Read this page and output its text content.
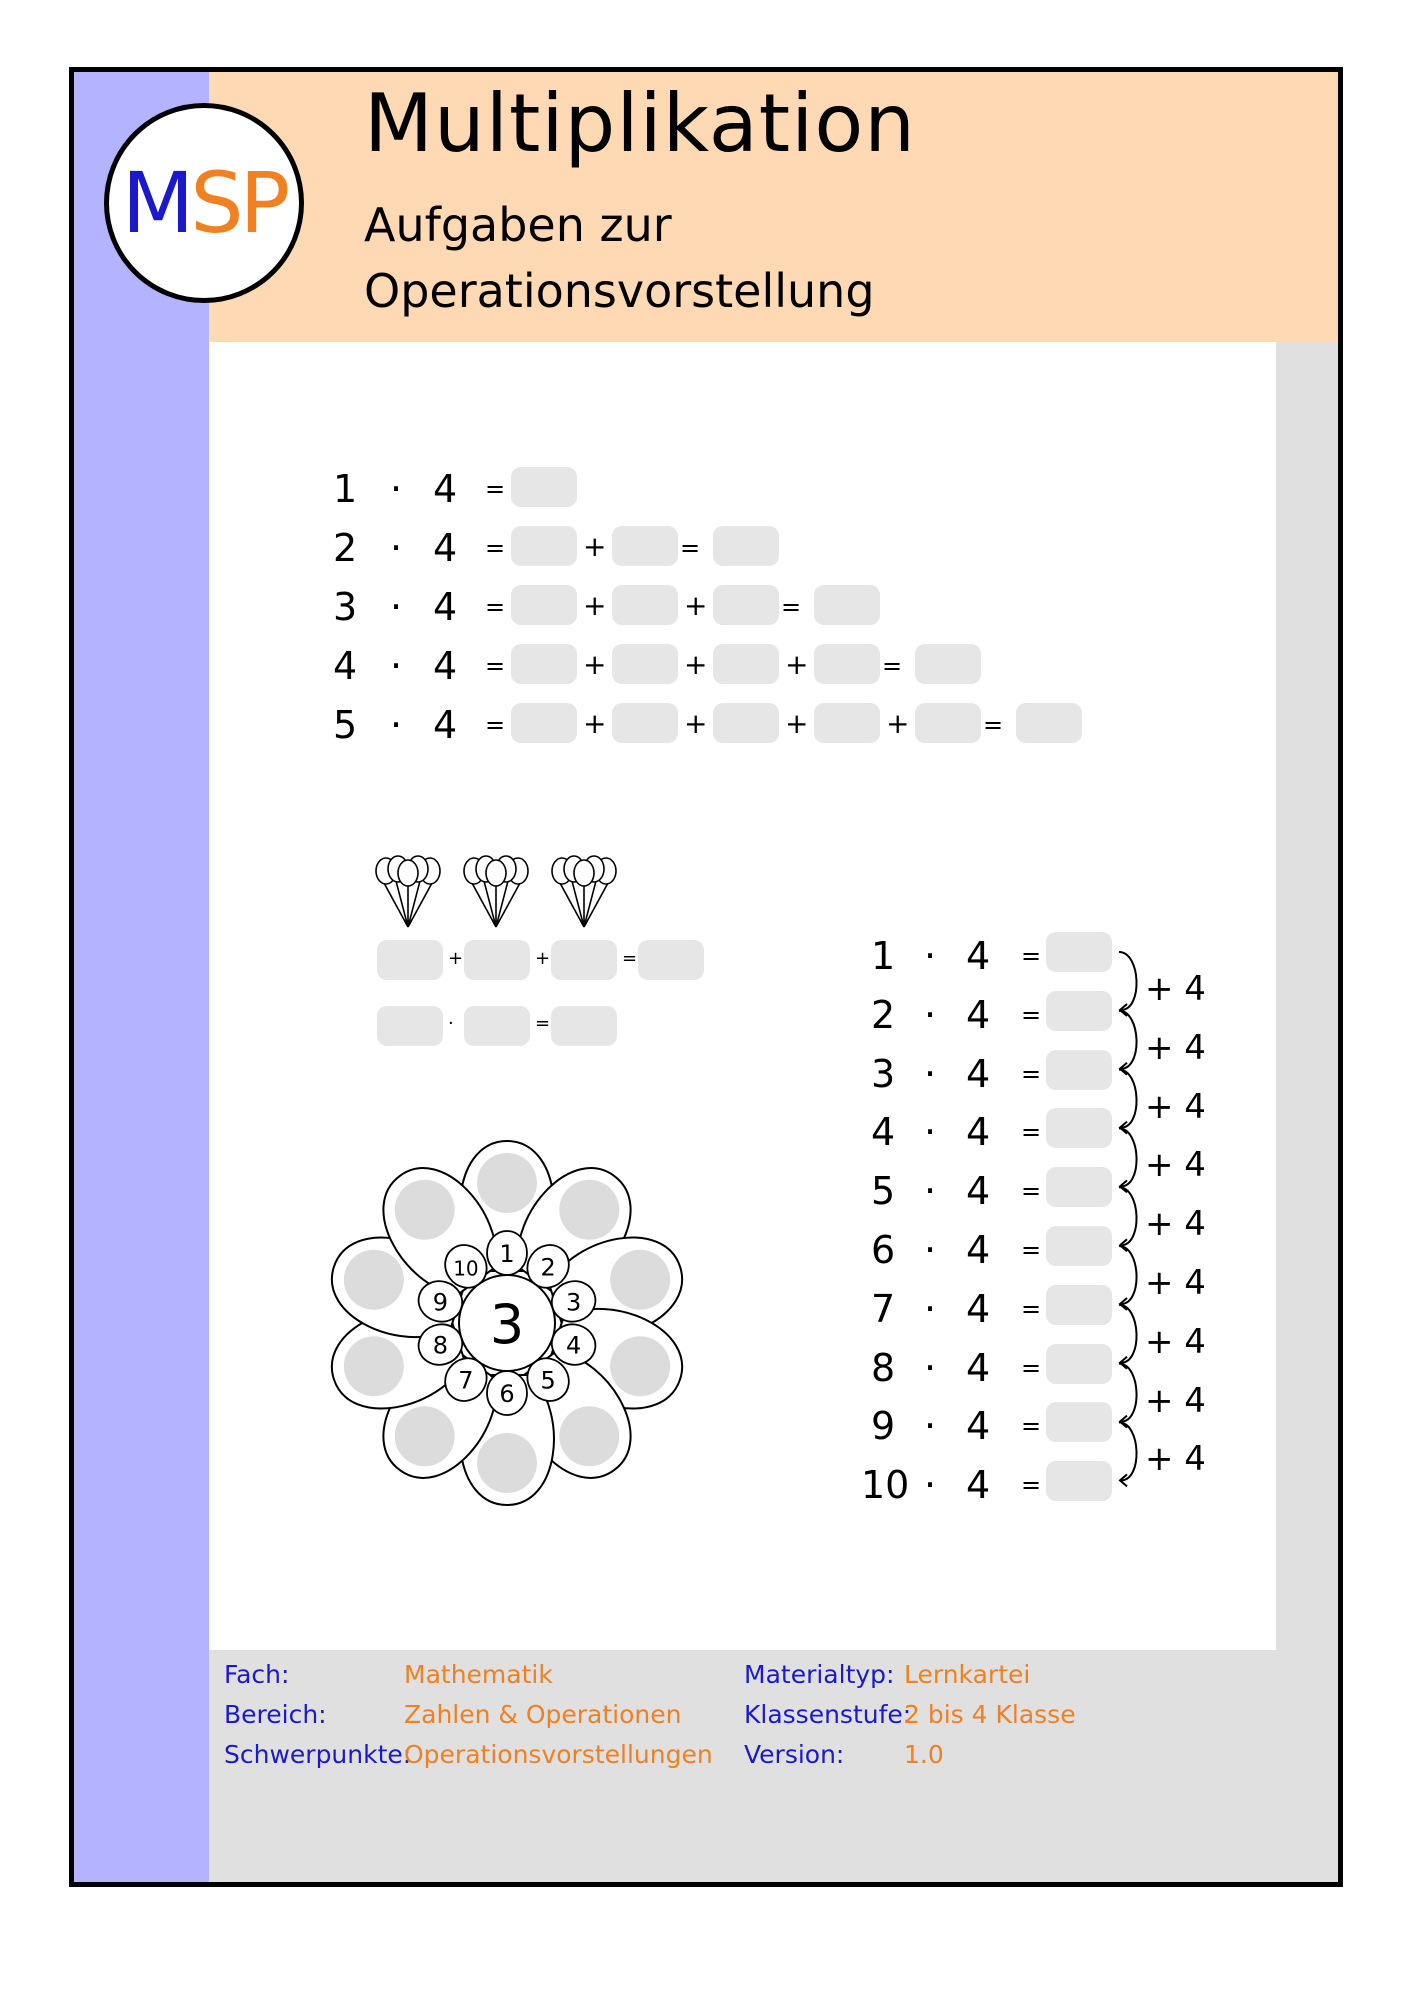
MSP
Multiplikation
Aufgaben zur
Operationsvorstellung
1 · 4 =
2 · 4 =	+	=
3 · 4 =	+	+	=
4 · 4 =	+	+	+	=
5 · 4 =	+	+	+	+	=
+	+	=
·	=
1 2
3
4
5
6
7
8
9
10
3
1 · 4 =
+ 4
2 · 4 =
+ 4
3 · 4 =
+ 4
4 · 4 =
+ 4
5 · 4 =
+ 4
6 · 4 =
+ 4
7 · 4 =
+ 4
8 · 4 =
+ 4
9 · 4 =
+ 4
10 · 4 =
Fach:	Mathematik
Bereich:	Zahlen & Operationen
Schwerpunkte:
Operationsvorstellungen
Materialtyp: Lernkartei
Klassenstufe:
2 bis 4 Klasse
Version: 1.0
